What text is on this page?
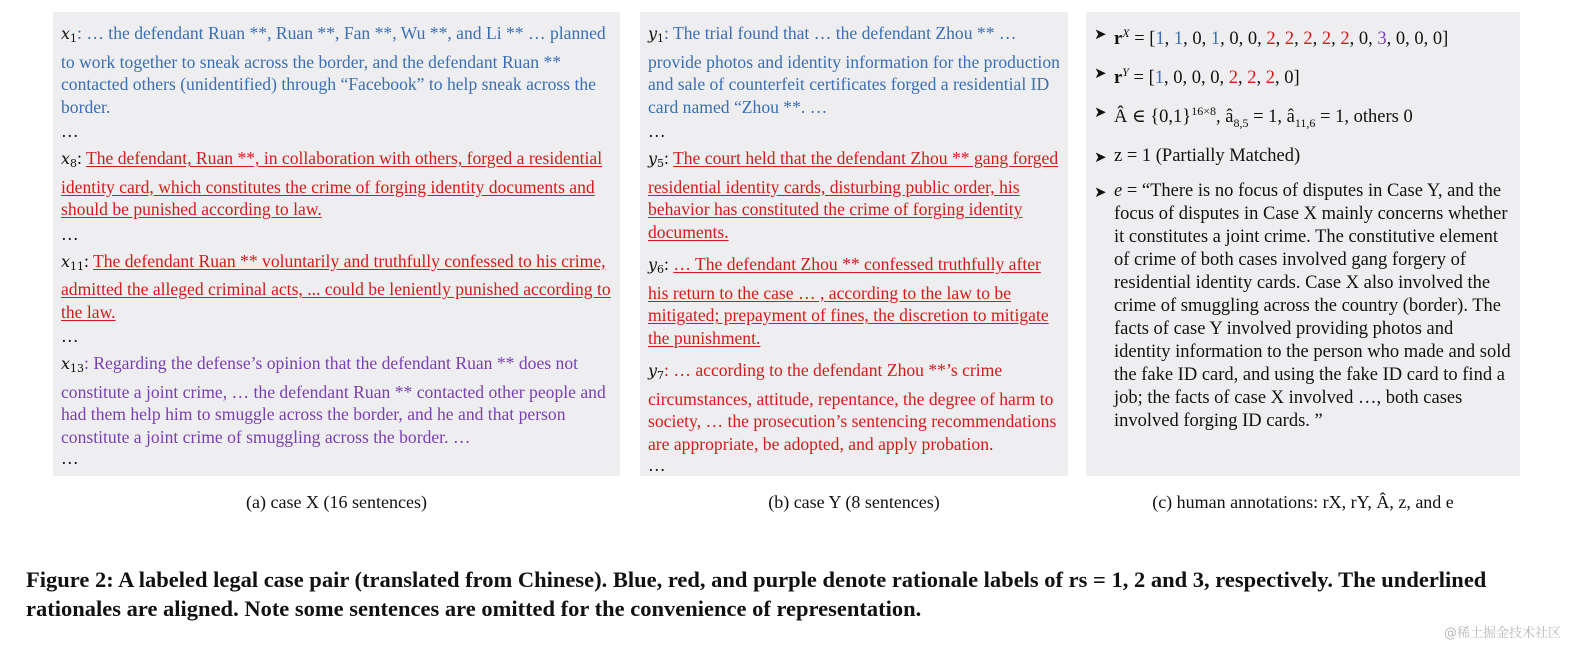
$x_1$: … the defendant Ruan **, Ruan **, Fan **, Wu **, and Li ** … planned to work together to sneak across the border, and the defendant Ruan ** contacted others (unidentified) through “Facebook” to help sneak across the border.

…

$x_8$: The defendant, Ruan **, in collaboration with others, forged a residential identity card, which constitutes the crime of forging identity documents and should be punished according to law.

…

$x_{11}$: The defendant Ruan ** voluntarily and truthfully confessed to his crime, admitted the alleged criminal acts, ... could be leniently punished according to the law.

…

$x_{13}$: Regarding the defense’s opinion that the defendant Ruan ** does not constitute a joint crime, … the defendant Ruan ** contacted other people and had them help him to smuggle across the border, and he and that person constitute a joint crime of smuggling across the border. …

…

$y_1$: The trial found that … the defendant Zhou ** … provide photos and identity information for the production and sale of counterfeit certificates forged a residential ID card named “Zhou **. …

…

$y_5$: The court held that the defendant Zhou ** gang forged residential identity cards, disturbing public order, his behavior has constituted the crime of forging identity documents.

$y_6$: … The defendant Zhou ** confessed truthfully after his return to the case … , according to the law to be mitigated; prepayment of fines, the discretion to mitigate the punishment.

$y_7$: … according to the defendant Zhou **’s crime circumstances, attitude, repentance, the degree of harm to society, … the prosecution’s sentencing recommendations are appropriate, be adopted, and apply probation.

…

➤ $r^X = [1$, 1, 0, 1, 0, 0, 2, 2, 2, 2, 2, 0, 3, 0, 0, 0]
➤ $r^Y = [1$, 0, 0, 0, 2, 2, 2, 0]
➤ Â ∈ $\{0,1\}^{16\times 8}$, $â_{8,5} = 1$, $â_{11,6} = 1$, others 0
➤ z = 1 (Partially Matched)
➤ e = “There is no focus of disputes in Case Y, and the focus of disputes in Case X mainly concerns whether it constitutes a joint crime. The constitutive element of crime of both cases involved gang forgery of residential identity cards. Case X also involved the crime of smuggling across the country (border). The facts of case Y involved providing photos and identity information to the person who made and sold the fake ID card, and using the fake ID card to find a job; the facts of case X involved …, both cases involved forging ID cards. ”
(a) case X (16 sentences)	(b) case Y (8 sentences)	(c) human annotations: rX, rY, Â, z, and e
Figure 2: A labeled legal case pair (translated from Chinese). Blue, red, and purple denote rationale labels of rs = 1, 2 and 3, respectively. The underlined rationales are aligned. Note some sentences are omitted for the convenience of representation.
@稀土掘金技术社区
